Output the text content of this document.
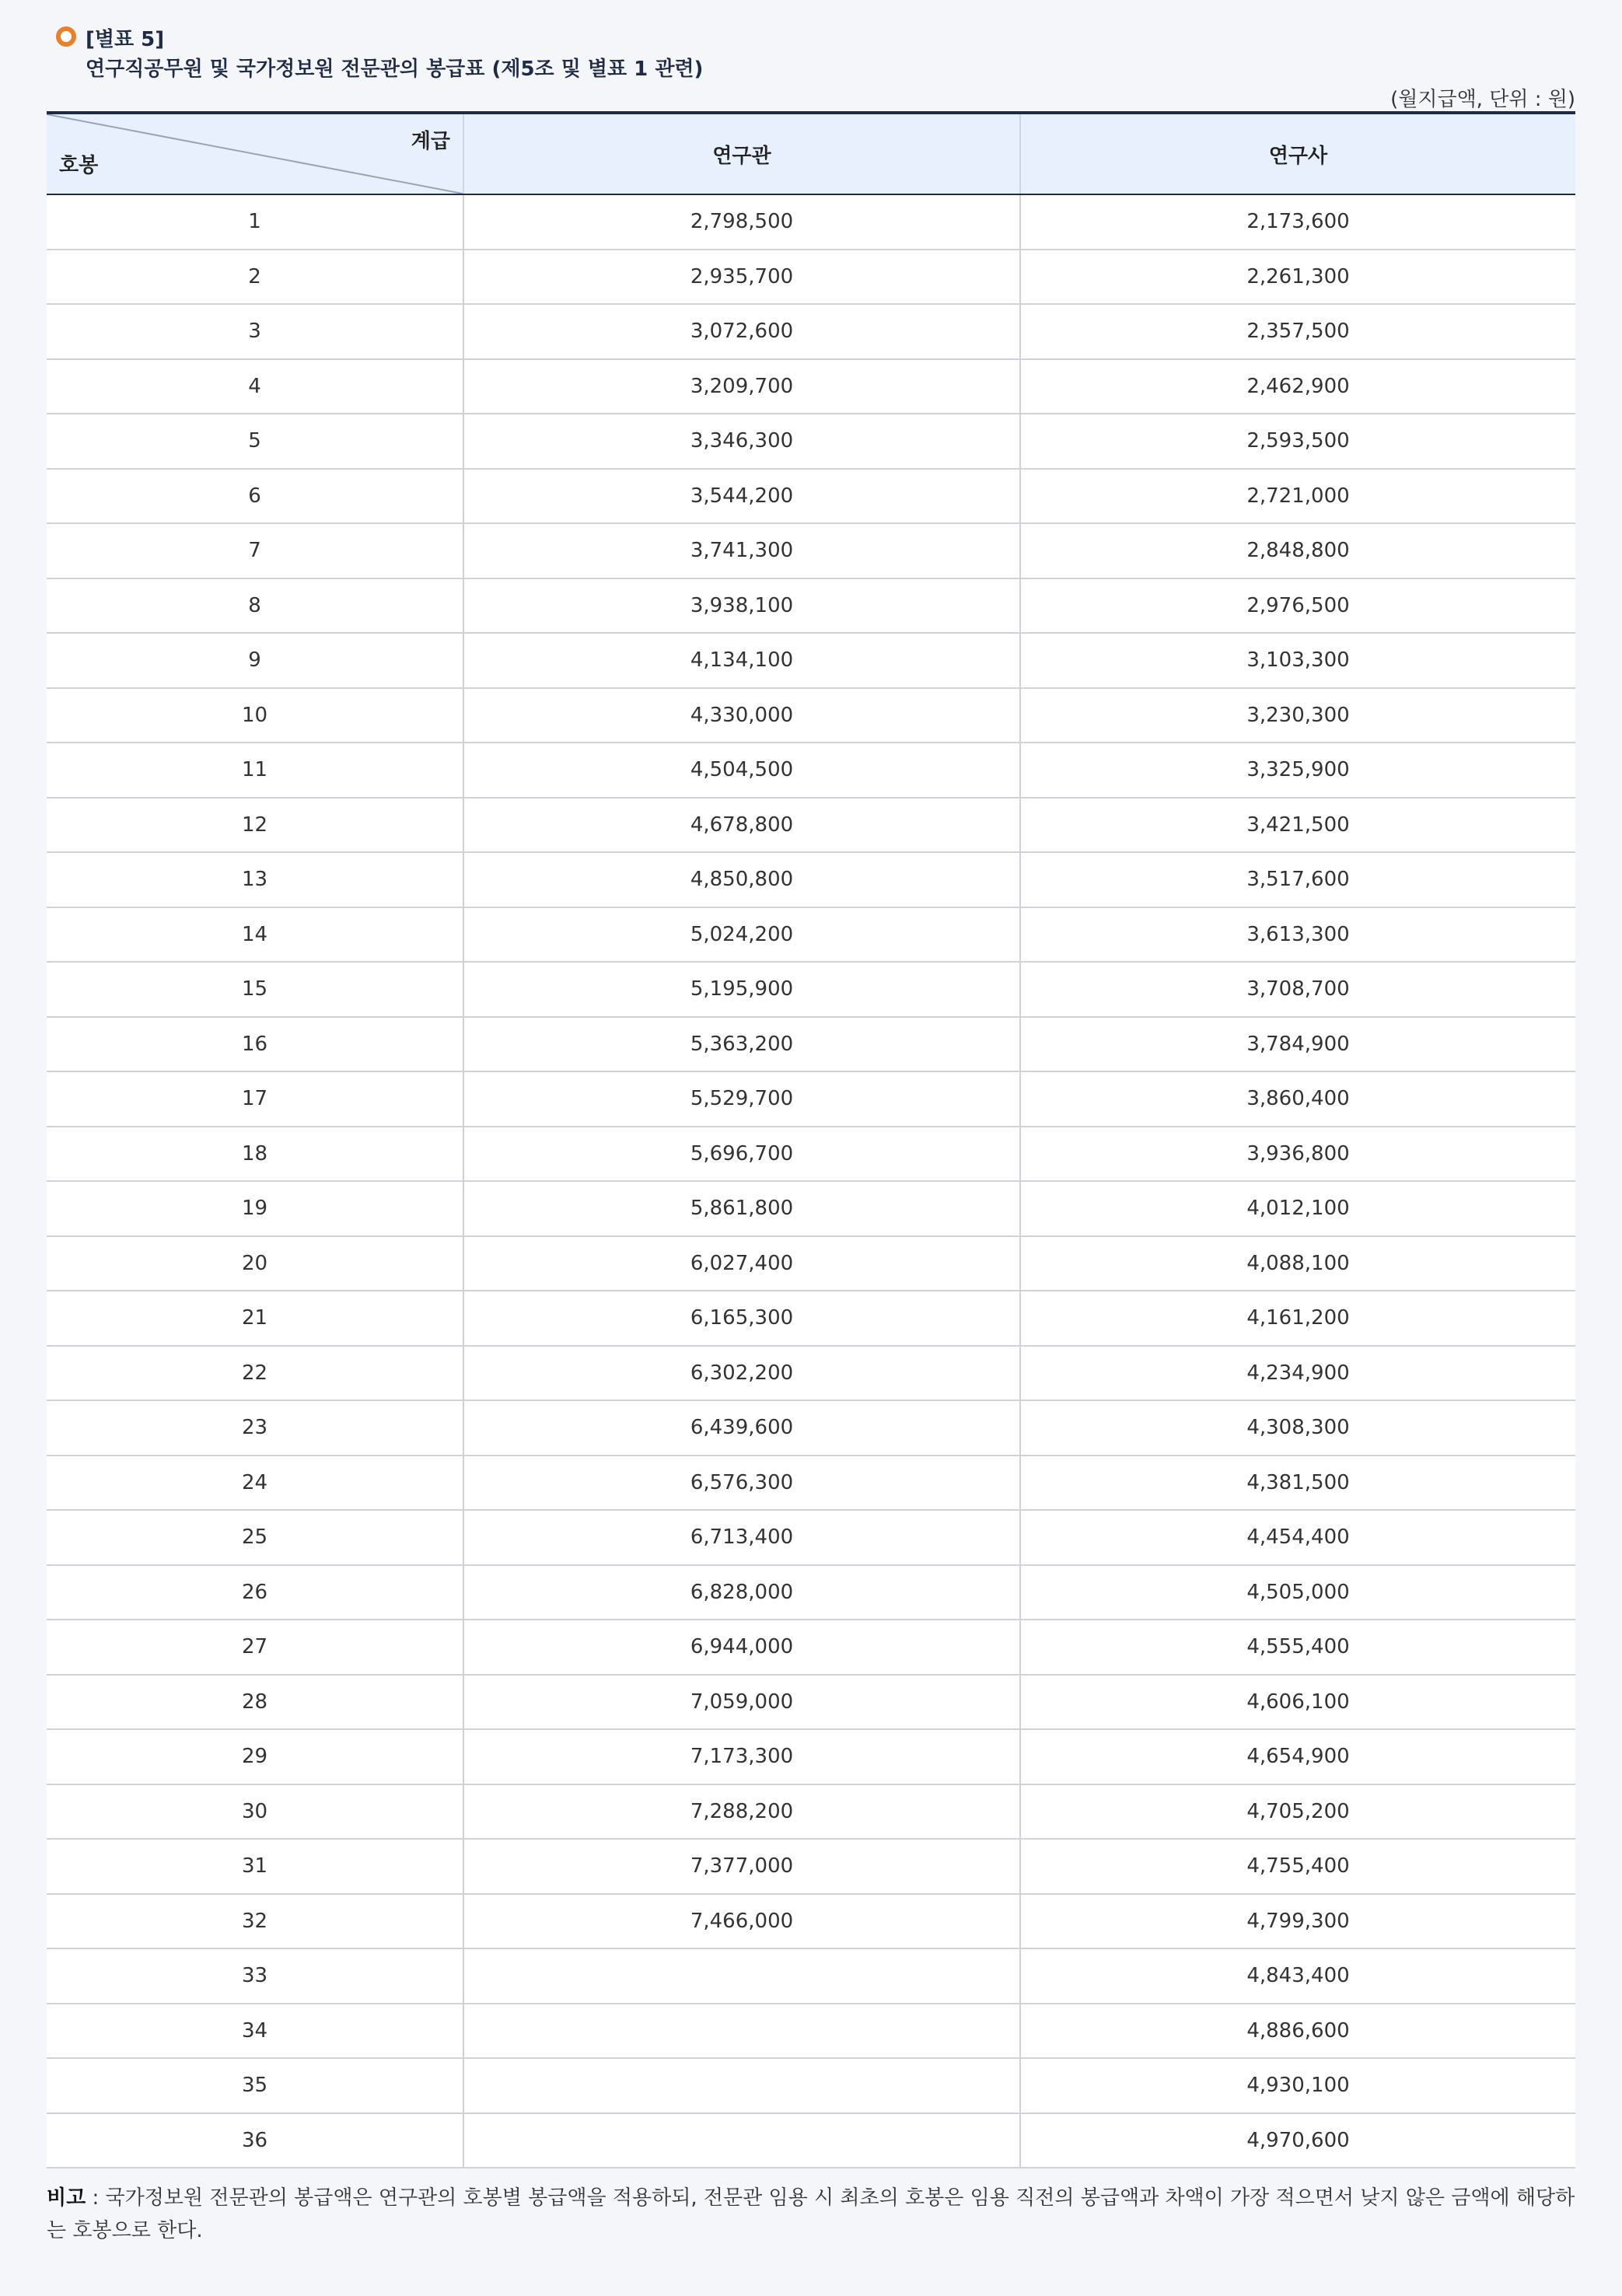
[별표 5]
연구직공무원 및 국가정보원 전문관의 봉급표 (제5조 및 별표 1 관련)
(월지급액, 단위 : 원)
계급
호봉	연구관	연구사
1	2,798,500	2,173,600
2	2,935,700	2,261,300
3	3,072,600	2,357,500
4	3,209,700	2,462,900
5	3,346,300	2,593,500
6	3,544,200	2,721,000
7	3,741,300	2,848,800
8	3,938,100	2,976,500
9	4,134,100	3,103,300
10	4,330,000	3,230,300
11	4,504,500	3,325,900
12	4,678,800	3,421,500
13	4,850,800	3,517,600
14	5,024,200	3,613,300
15	5,195,900	3,708,700
16	5,363,200	3,784,900
17	5,529,700	3,860,400
18	5,696,700	3,936,800
19	5,861,800	4,012,100
20	6,027,400	4,088,100
21	6,165,300	4,161,200
22	6,302,200	4,234,900
23	6,439,600	4,308,300
24	6,576,300	4,381,500
25	6,713,400	4,454,400
26	6,828,000	4,505,000
27	6,944,000	4,555,400
28	7,059,000	4,606,100
29	7,173,300	4,654,900
30	7,288,200	4,705,200
31	7,377,000	4,755,400
32	7,466,000	4,799,300
33		4,843,400
34		4,886,600
35		4,930,100
36		4,970,600
비고 : 국가정보원 전문관의 봉급액은 연구관의 호봉별 봉급액을 적용하되, 전문관 임용 시 최초의 호봉은 임용 직전의 봉급액과 차액이 가장 적으면서 낮지 않은 금액에 해당하는 호봉으로 한다.
